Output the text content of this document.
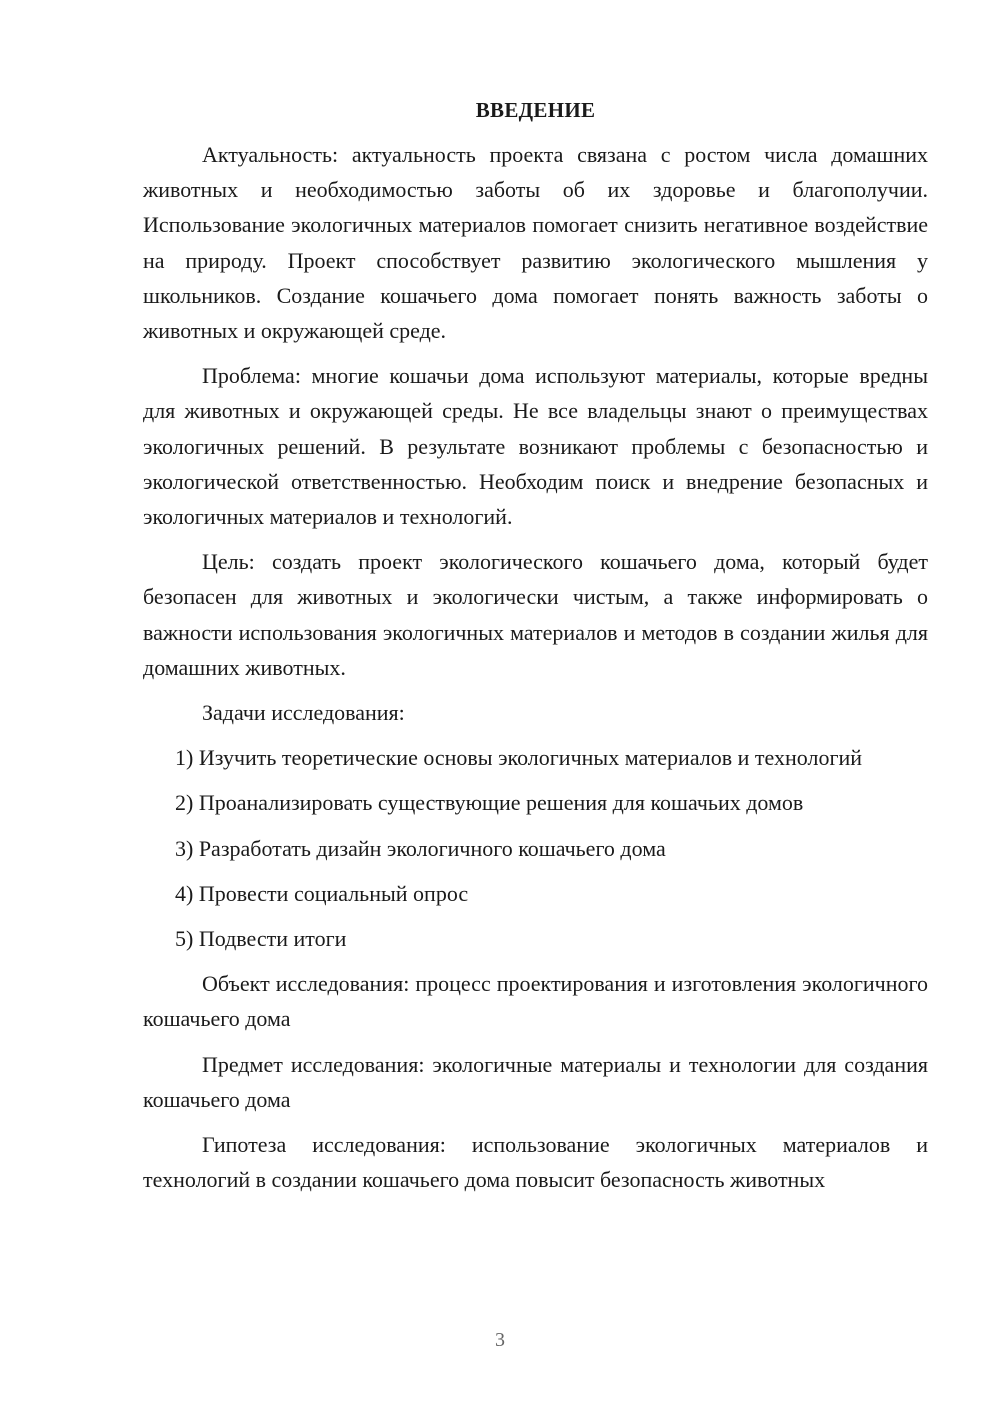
ВВЕДЕНИЕ

Актуальность: актуальность проекта связана с ростом числа домашних животных и необходимостью заботы об их здоровье и благополучии. Использование экологичных материалов помогает снизить негативное воздействие на природу. Проект способствует развитию экологического мышления у школьников. Создание кошачьего дома помогает понять важность заботы о животных и окружающей среде.

Проблема: многие кошачьи дома используют материалы, которые вредны для животных и окружающей среды. Не все владельцы знают о преимуществах экологичных решений. В результате возникают проблемы с безопасностью и экологической ответственностью. Необходим поиск и внедрение безопасных и экологичных материалов и технологий.

Цель: создать проект экологического кошачьего дома, который будет безопасен для животных и экологически чистым, а также информировать о важности использования экологичных материалов и методов в создании жилья для домашних животных.

Задачи исследования:

1) Изучить теоретические основы экологичных материалов и технологий

2) Проанализировать существующие решения для кошачьих домов

3) Разработать дизайн экологичного кошачьего дома

4) Провести социальный опрос

5) Подвести итоги

Объект исследования: процесс проектирования и изготовления экологичного кошачьего дома

Предмет исследования: экологичные материалы и технологии для создания кошачьего дома

Гипотеза исследования: использование экологичных материалов и технологий в создании кошачьего дома повысит безопасность животных

3
